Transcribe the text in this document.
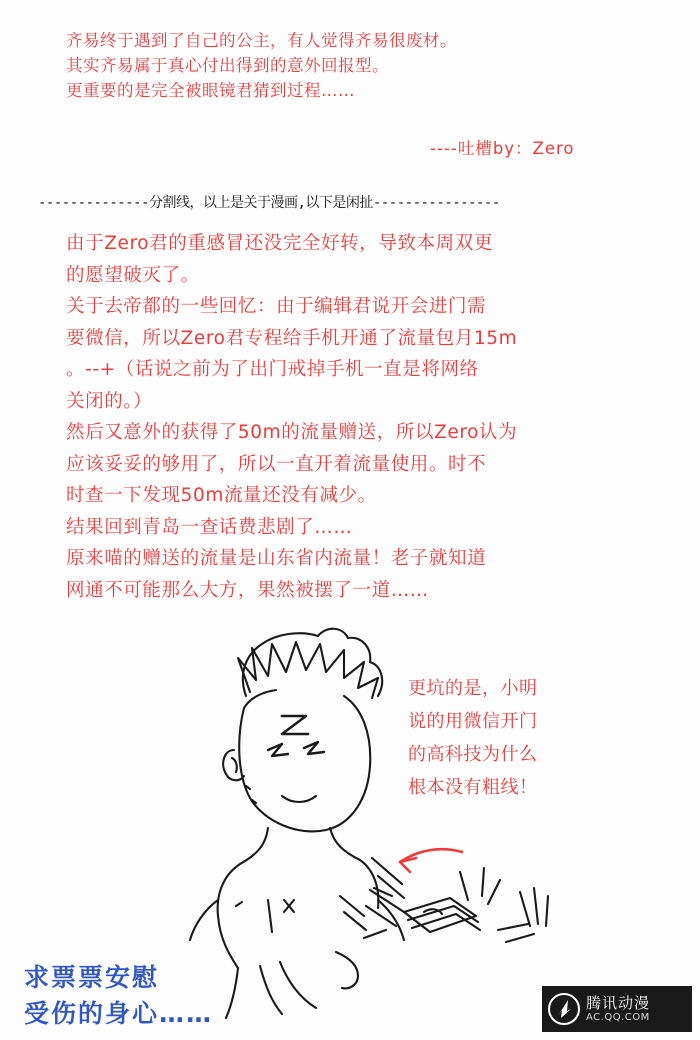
齐易终于遇到了自己的公主，有人觉得齐易很废材。
其实齐易属于真心付出得到的意外回报型。
更重要的是完全被眼镜君猜到过程……
----吐槽by：Zero
--------------分割线，以上是关于漫画,以下是闲扯----------------
由于Zero君的重感冒还没完全好转，导致本周双更
的愿望破灭了。
关于去帝都的一些回忆：由于编辑君说开会进门需
要微信，所以Zero君专程给手机开通了流量包月15m
。--+（话说之前为了出门戒掉手机一直是将网络
关闭的。）
然后又意外的获得了50m的流量赠送，所以Zero认为
应该妥妥的够用了，所以一直开着流量使用。时不
时查一下发现50m流量还没有减少。
结果回到青岛一查话费悲剧了……
原来喵的赠送的流量是山东省内流量！老子就知道
网通不可能那么大方，果然被摆了一道……
更坑的是，小明
说的用微信开门
的高科技为什么
根本没有粗线！
求票票安慰
受伤的身心……	腾讯动漫
AC.QQ.COM
